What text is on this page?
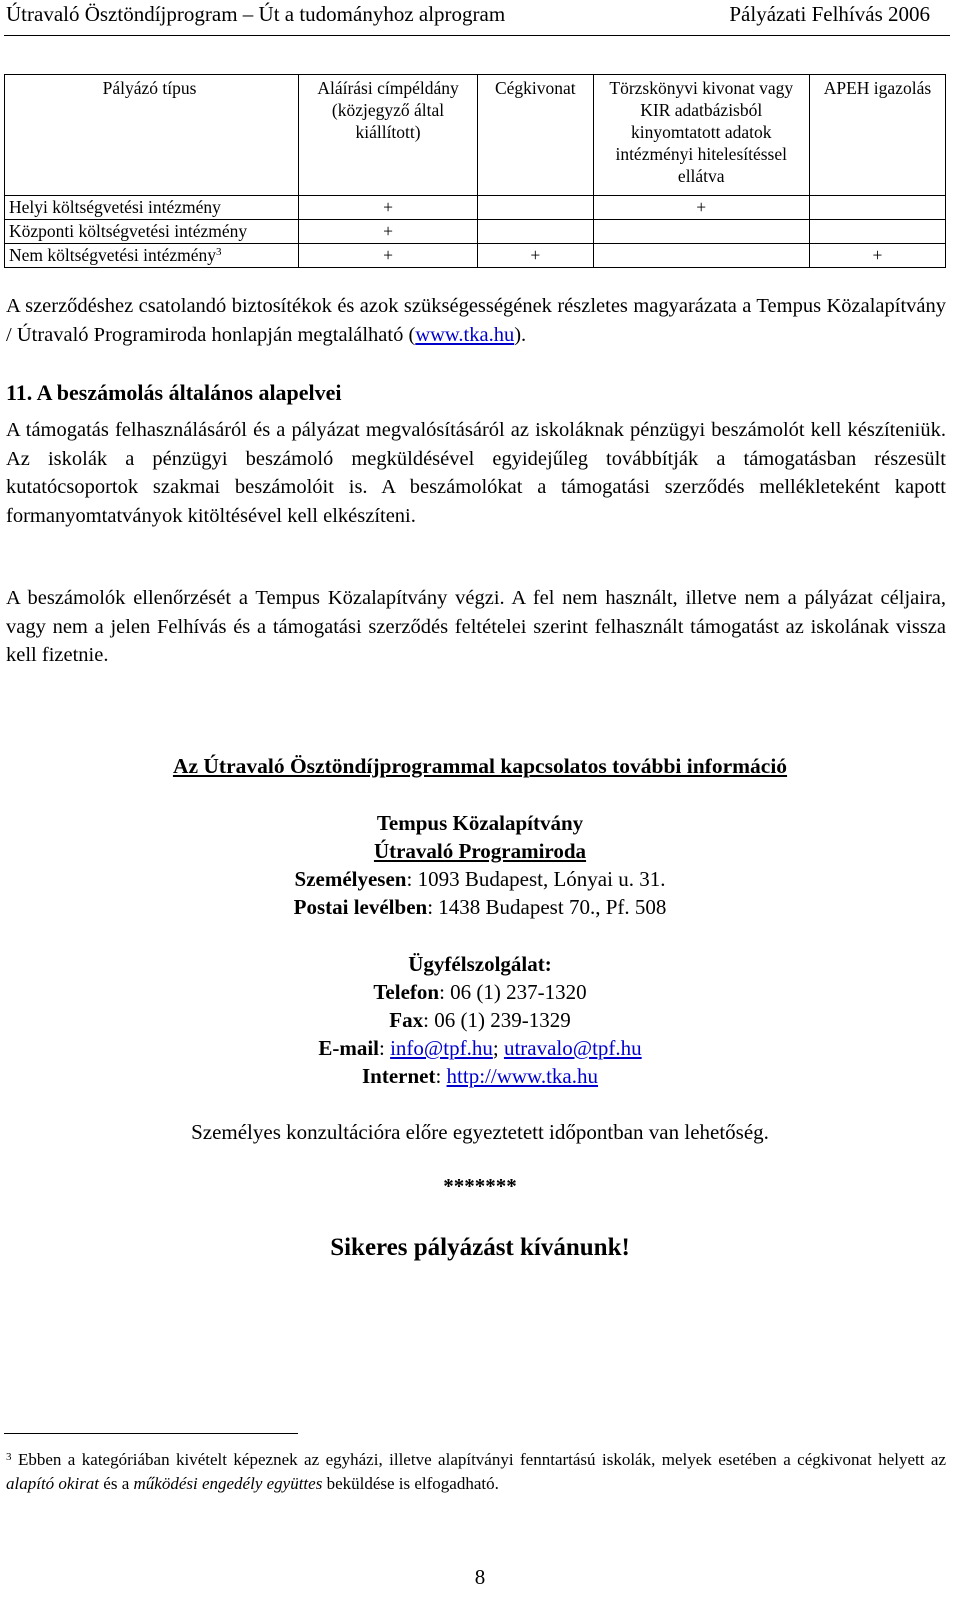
Útravaló Ösztöndíjprogram – Út a tudományhoz alprogram	Pályázati Felhívás 2006
Pályázó típus	Aláírási címpéldány (közjegyző által kiállított)	Cégkivonat	Törzskönyvi kivonat vagy KIR adatbázisból kinyomtatott adatok intézményi hitelesítéssel ellátva	APEH igazolás
Helyi költségvetési intézmény	+		+	
Központi költségvetési intézmény	+			
Nem költségvetési intézmény$^3$	+	+		+

A szerződéshez csatolandó biztosítékok és azok szükségességének részletes magyarázata a Tempus Közalapítvány / Útravaló Programiroda honlapján megtalálható (www.tka.hu).

11. A beszámolás általános alapelvei

A támogatás felhasználásáról és a pályázat megvalósításáról az iskoláknak pénzügyi beszámolót kell készíteniük. Az iskolák a pénzügyi beszámoló megküldésével egyidejűleg továbbítják a támogatásban részesült kutatócsoportok szakmai beszámolóit is. A beszámolókat a támogatási szerződés mellékleteként kapott formanyomtatványok kitöltésével kell elkészíteni.

A beszámolók ellenőrzését a Tempus Közalapítvány végzi. A fel nem használt, illetve nem a pályázat céljaira, vagy nem a jelen Felhívás és a támogatási szerződés feltételei szerint felhasznált támogatást az iskolának vissza kell fizetnie.

Az Útravaló Ösztöndíjprogrammal kapcsolatos további információ
Tempus Közalapítvány
Útravaló Programiroda
Személyesen: 1093 Budapest, Lónyai u. 31.
Postai levélben: 1438 Budapest 70., Pf. 508
Ügyfélszolgálat:
Telefon: 06 (1) 237-1320
Fax: 06 (1) 239-1329
E-mail: info@tpf.hu; utravalo@tpf.hu
Internet: http://www.tka.hu
Személyes konzultációra előre egyeztetett időpontban van lehetőség.
*******
Sikeres pályázást kívánunk!
$^3$ Ebben a kategóriában kivételt képeznek az egyházi, illetve alapítványi fenntartású iskolák, melyek esetében a cégkivonat helyett az alapító okirat és a működési engedély együttes beküldése is elfogadható.
8
